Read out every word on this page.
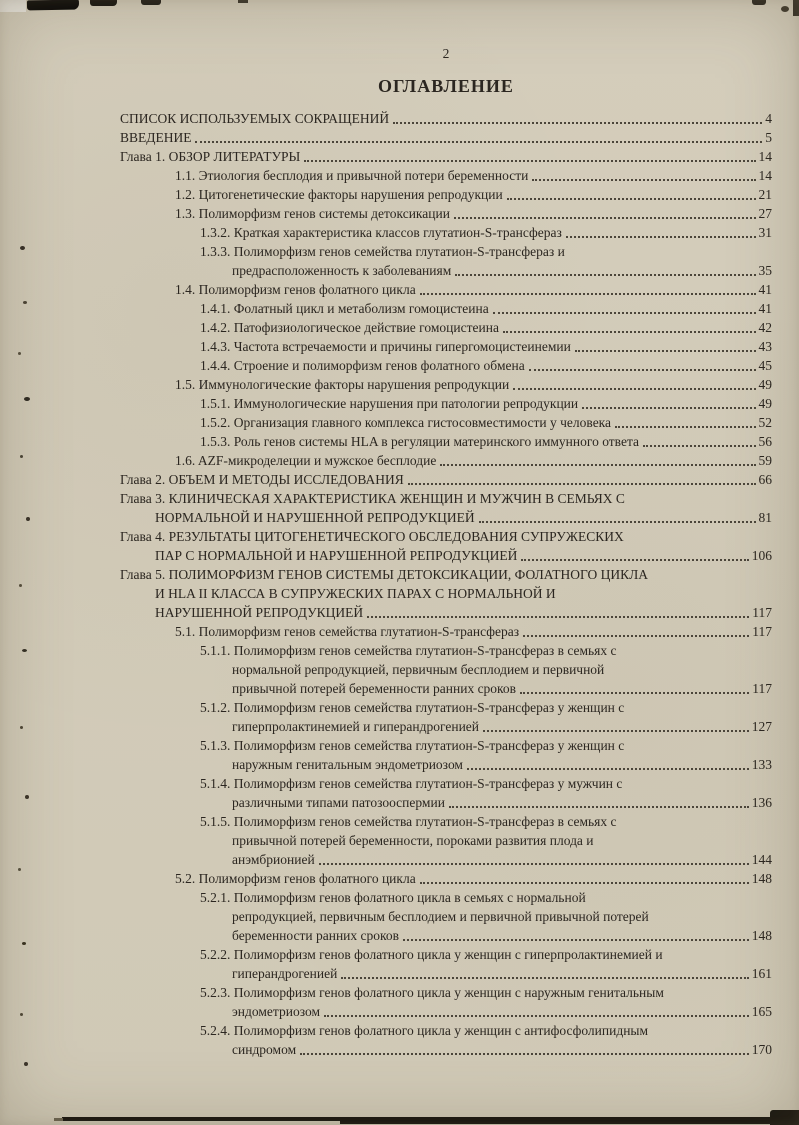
2
ОГЛАВЛЕНИЕ
СПИСОК ИСПОЛЬЗУЕМЫХ СОКРАЩЕНИЙ	4
ВВЕДЕНИЕ	5
Глава 1. ОБЗОР ЛИТЕРАТУРЫ	14
1.1. Этиология бесплодия и привычной потери беременности	14
1.2. Цитогенетические факторы нарушения репродукции	21
1.3. Полиморфизм генов системы детоксикации	27
1.3.2. Краткая характеристика классов глутатион-S-трансфераз	31
1.3.3. Полиморфизм генов семейства глутатион-S-трансфераз и
предрасположенность к заболеваниям	35
1.4. Полиморфизм генов фолатного цикла	41
1.4.1. Фолатный цикл и метаболизм гомоцистеина	41
1.4.2. Патофизиологическое действие гомоцистеина	42
1.4.3. Частота встречаемости и причины гипергомоцистеинемии	43
1.4.4. Строение и полиморфизм генов фолатного обмена	45
1.5. Иммунологические факторы нарушения репродукции	49
1.5.1. Иммунологические нарушения при патологии репродукции	49
1.5.2. Организация главного комплекса гистосовместимости у человека	52
1.5.3. Роль генов системы HLA в регуляции материнского иммунного ответа	56
1.6. AZF-микроделеции и мужское бесплодие	59
Глава 2. ОБЪЕМ И МЕТОДЫ ИССЛЕДОВАНИЯ	66
Глава 3. КЛИНИЧЕСКАЯ ХАРАКТЕРИСТИКА ЖЕНЩИН И МУЖЧИН В СЕМЬЯХ С
НОРМАЛЬНОЙ И НАРУШЕННОЙ РЕПРОДУКЦИЕЙ	81
Глава 4. РЕЗУЛЬТАТЫ ЦИТОГЕНЕТИЧЕСКОГО ОБСЛЕДОВАНИЯ СУПРУЖЕСКИХ
ПАР С НОРМАЛЬНОЙ И НАРУШЕННОЙ РЕПРОДУКЦИЕЙ	106
Глава 5. ПОЛИМОРФИЗМ ГЕНОВ СИСТЕМЫ ДЕТОКСИКАЦИИ, ФОЛАТНОГО ЦИКЛА
И HLA II КЛАССА В СУПРУЖЕСКИХ ПАРАХ С НОРМАЛЬНОЙ И
НАРУШЕННОЙ РЕПРОДУКЦИЕЙ	117
5.1. Полиморфизм генов семейства глутатион-S-трансфераз	117
5.1.1. Полиморфизм генов семейства глутатион-S-трансфераз в семьях с
нормальной репродукцией, первичным бесплодием и первичной
привычной потерей беременности ранних сроков	117
5.1.2. Полиморфизм генов семейства глутатион-S-трансфераз у женщин с
гиперпролактинемией и гиперандрогенией	127
5.1.3. Полиморфизм генов семейства глутатион-S-трансфераз у женщин с
наружным генитальным эндометриозом	133
5.1.4. Полиморфизм генов семейства глутатион-S-трансфераз у мужчин с
различными типами патозооспермии	136
5.1.5. Полиморфизм генов семейства глутатион-S-трансфераз в семьях с
привычной потерей беременности, пороками развития плода и
анэмбрионией	144
5.2. Полиморфизм генов фолатного цикла	148
5.2.1. Полиморфизм генов фолатного цикла в семьях с нормальной
репродукцией, первичным бесплодием и первичной привычной потерей
беременности ранних сроков	148
5.2.2. Полиморфизм генов фолатного цикла у женщин с гиперпролактинемией и
гиперандрогенией	161
5.2.3. Полиморфизм генов фолатного цикла у женщин с наружным генитальным
эндометриозом	165
5.2.4. Полиморфизм генов фолатного цикла у женщин с антифосфолипидным
синдромом	170
